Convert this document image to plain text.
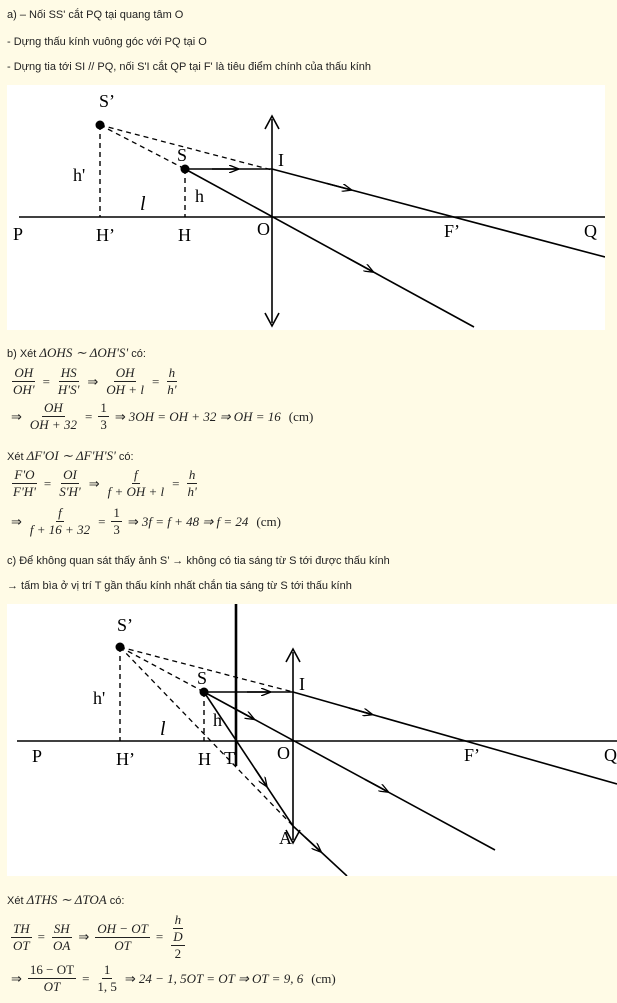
a) – Nối SS' cắt PQ tại quang tâm O
- Dựng thấu kính vuông góc với PQ tại O
- Dựng tia tới SI // PQ, nối S'I cắt QP tại F' là tiêu điểm chính của thấu kính
S’
S	I
h'
h
l
P	H’	H	O	F’	Q
b) Xét ΔOHS ∼ ΔOH'S' có:
$\frac{OH}{OH'} = \frac{HS}{H'S'}$ ⇒ $\frac{OH}{OH + l} = \frac{h}{h'}$
⇒ $\frac{OH}{OH + 32} = \frac{1}{3}$ ⇒ 3OH = OH + 32 ⇒ OH = 16 (cm)
Xét ΔF'OI ∼ ΔF'H'S' có:
$\frac{F'O}{F'H'} = \frac{OI}{S'H'}$ ⇒ $\frac{f}{f + OH + l} = \frac{h}{h'}$
⇒ $\frac{f}{f + 16 + 32} = \frac{1}{3}$ ⇒ 3f = f + 48 ⇒ f = 24 (cm)
c) Để không quan sát thấy ảnh S’ → không có tia sáng từ S tới được thấu kính
→ tấm bìa ở vị trí T gần thấu kính nhất chắn tia sáng từ S tới thấu kính
S’
S	I
h'
h
l
P	H’	H T O	F’	Q
A
Xét ΔTHS ∼ ΔTOA có:
$\frac{TH}{OT} = \frac{SH}{OA}$ ⇒ $\frac{OH - OT}{OT} = \frac{h}{\frac{D}{2}}$
⇒ $\frac{16 - OT}{OT} = \frac{1}{1, 5}$ ⇒ 24 − 1, 5OT = OT ⇒ OT = 9, 6 (cm)
